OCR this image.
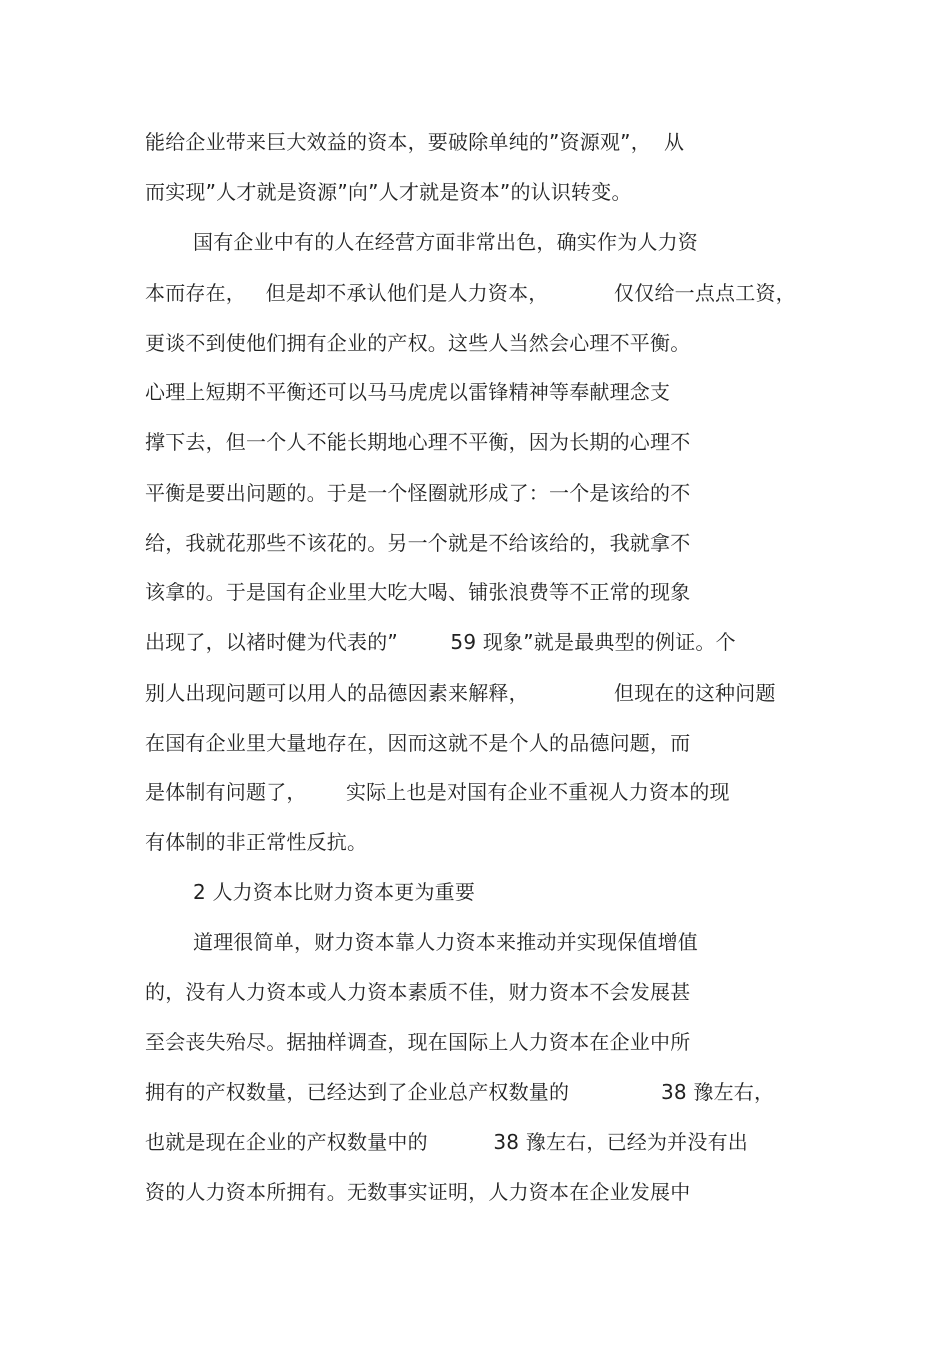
能给企业带来巨大效益的资本，要破除单纯的”资源观”，  从
而实现”人才就是资源”向”人才就是资本”的认识转变。
国有企业中有的人在经营方面非常出色，确实作为人力资
本而存在，   但是却不承认他们是人力资本，          仅仅给一点点工资，
更谈不到使他们拥有企业的产权。这些人当然会心理不平衡。
心理上短期不平衡还可以马马虎虎以雷锋精神等奉献理念支
撑下去，但一个人不能长期地心理不平衡，因为长期的心理不
平衡是要出问题的。于是一个怪圈就形成了：一个是该给的不
给，我就花那些不该花的。另一个就是不给该给的，我就拿不
该拿的。于是国有企业里大吃大喝、铺张浪费等不正常的现象
出现了，以褚时健为代表的”        59 现象”就是最典型的例证。个
别人出现问题可以用人的品德因素来解释，             但现在的这种问题
在国有企业里大量地存在，因而这就不是个人的品德问题，而
是体制有问题了，      实际上也是对国有企业不重视人力资本的现
有体制的非正常性反抗。
2 人力资本比财力资本更为重要
道理很简单，财力资本靠人力资本来推动并实现保值增值
的，没有人力资本或人力资本素质不佳，财力资本不会发展甚
至会丧失殆尽。据抽样调查，现在国际上人力资本在企业中所
拥有的产权数量，已经达到了企业总产权数量的              38 豫左右，
也就是现在企业的产权数量中的          38 豫左右，已经为并没有出
资的人力资本所拥有。无数事实证明，人力资本在企业发展中
